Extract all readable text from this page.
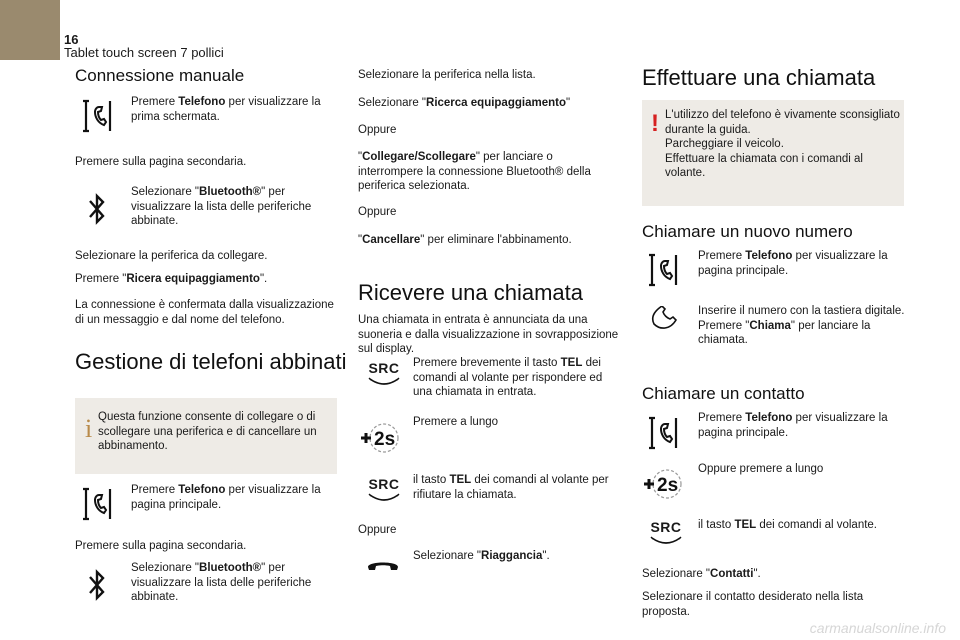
16
Tablet touch screen 7 pollici
Connessione manuale
Premere Telefono per visualizzare la prima schermata.
Premere sulla pagina secondaria.
Selezionare "Bluetooth®" per visualizzare la lista delle periferiche abbinate.
Selezionare la periferica da collegare.
Premere "Ricera equipaggiamento".
La connessione è confermata dalla visualizzazione di un messaggio e dal nome del telefono.
Gestione di telefoni abbinati
i Questa funzione consente di collegare o di scollegare una periferica e di cancellare un abbinamento.
Premere Telefono per visualizzare la pagina principale.
Premere sulla pagina secondaria.
Selezionare "Bluetooth®" per visualizzare la lista delle periferiche abbinate.
Selezionare la periferica nella lista.
Selezionare "Ricerca equipaggiamento"
Oppure
"Collegare/Scollegare" per lanciare o interrompere la connessione Bluetooth® della periferica selezionata.
Oppure
"Cancellare" per eliminare l'abbinamento.
Ricevere una chiamata
Una chiamata in entrata è annunciata da una suoneria e dalla visualizzazione in sovrapposizione sul display.
SRC	Premere brevemente il tasto TEL dei comandi al volante per rispondere ed una chiamata in entrata.
2s
Premere a lungo
SRC	il tasto TEL dei comandi al volante per rifiutare la chiamata.
Oppure
Selezionare "Riaggancia".
Effettuare una chiamata
! L'utilizzo del telefono è vivamente sconsigliato durante la guida.
Parcheggiare il veicolo.
Effettuare la chiamata con i comandi al volante.
Chiamare un nuovo numero
Premere Telefono per visualizzare la pagina principale.
Inserire il numero con la tastiera digitale.
Premere "Chiama" per lanciare la chiamata.
Chiamare un contatto
Premere Telefono per visualizzare la pagina principale.
2s
Oppure premere a lungo
SRC	il tasto TEL dei comandi al volante.
Selezionare "Contatti".
Selezionare il contatto desiderato nella lista proposta.
carmanualsonline.info
